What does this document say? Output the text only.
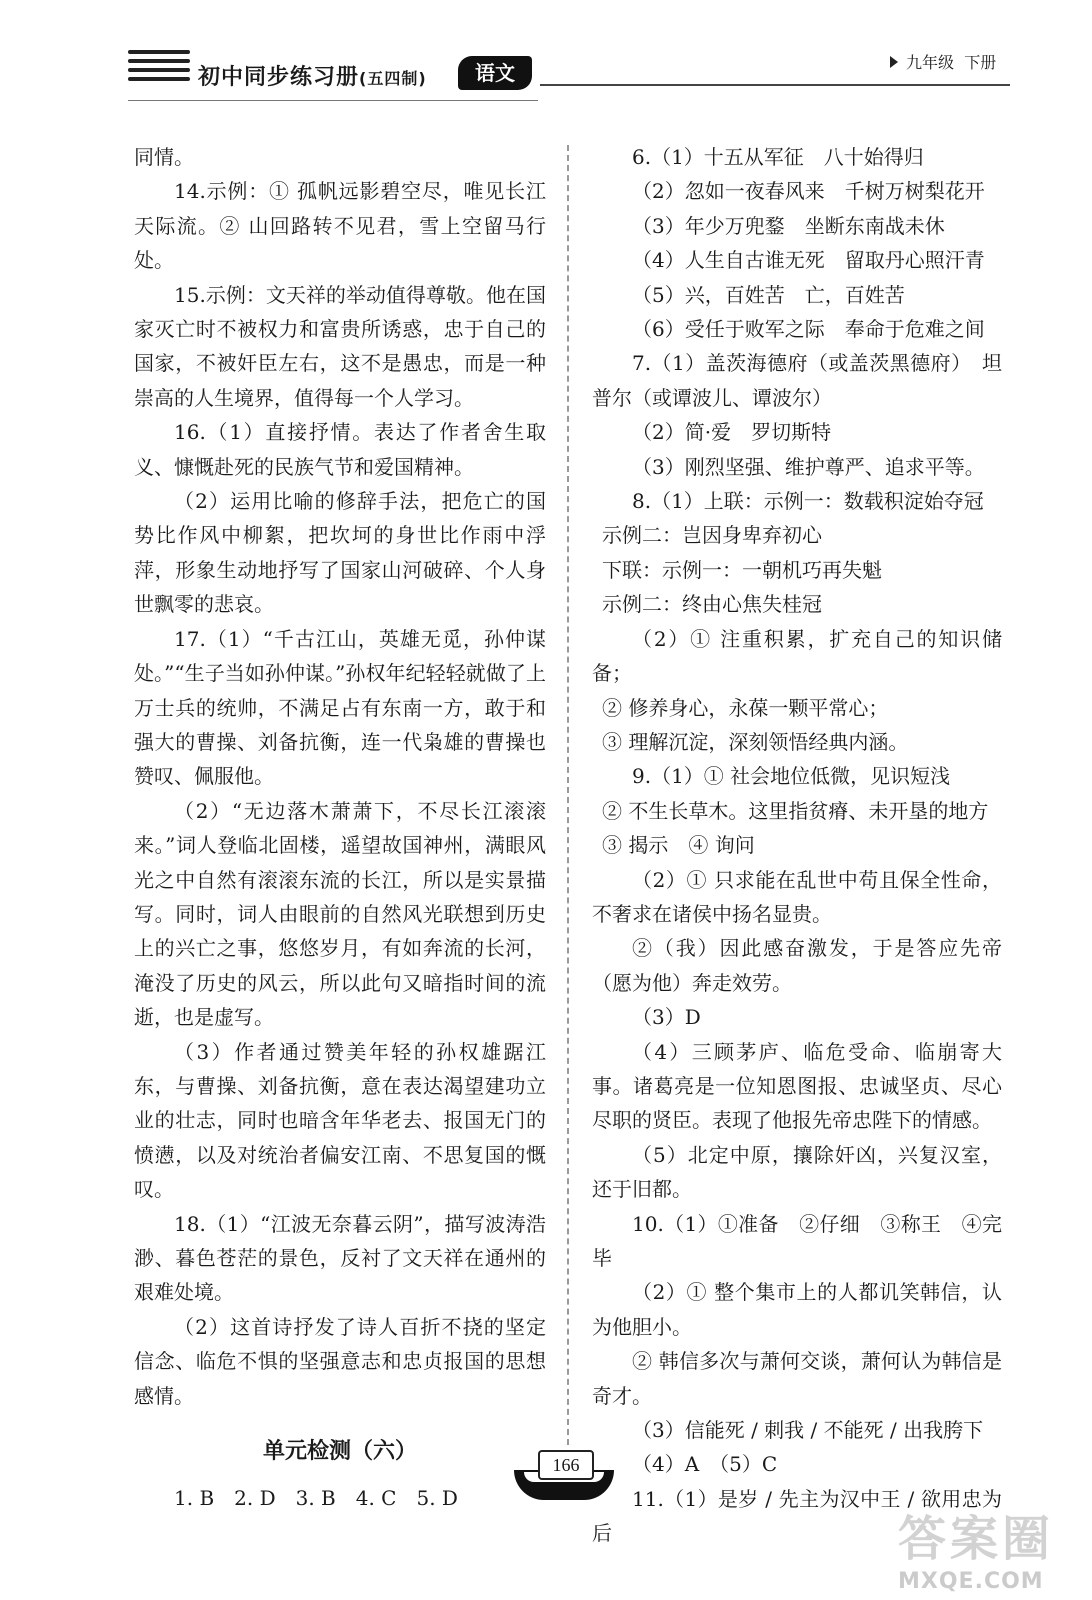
初中同步练习册(五四制)	语文	九年级 下册

同情。

14.示例：① 孤帆远影碧空尽，唯见长江天际流。② 山回路转不见君，雪上空留马行处。

15.示例：文天祥的举动值得尊敬。他在国家灭亡时不被权力和富贵所诱惑，忠于自己的国家，不被奸臣左右，这不是愚忠，而是一种崇高的人生境界，值得每一个人学习。

16.（1）直接抒情。表达了作者舍生取义、慷慨赴死的民族气节和爱国精神。

（2）运用比喻的修辞手法，把危亡的国势比作风中柳絮，把坎坷的身世比作雨中浮萍，形象生动地抒写了国家山河破碎、个人身世飘零的悲哀。

17.（1）“千古江山，英雄无觅，孙仲谋处。”“生子当如孙仲谋。”孙权年纪轻轻就做了上万士兵的统帅，不满足占有东南一方，敢于和强大的曹操、刘备抗衡，连一代枭雄的曹操也赞叹、佩服他。

（2）“无边落木萧萧下，不尽长江滚滚来。”词人登临北固楼，遥望故国神州，满眼风光之中自然有滚滚东流的长江，所以是实景描写。同时，词人由眼前的自然风光联想到历史上的兴亡之事，悠悠岁月，有如奔流的长河，淹没了历史的风云，所以此句又暗指时间的流逝，也是虚写。

（3）作者通过赞美年轻的孙权雄踞江东，与曹操、刘备抗衡，意在表达渴望建功立业的壮志，同时也暗含年华老去、报国无门的愤懑，以及对统治者偏安江南、不思复国的慨叹。

18.（1）“江波无奈暮云阴”，描写波涛浩渺、暮色苍茫的景色，反衬了文天祥在通州的艰难处境。

（2）这首诗抒发了诗人百折不挠的坚定信念、临危不惧的坚强意志和忠贞报国的思想感情。

单元检测（六）

1. B　2. D　3. B　4. C　5. D

6.（1）十五从军征　八十始得归

（2）忽如一夜春风来　千树万树梨花开

（3）年少万兜鍪　坐断东南战未休

（4）人生自古谁无死　留取丹心照汗青

（5）兴，百姓苦　亡，百姓苦

（6）受任于败军之际　奉命于危难之间

7.（1）盖茨海德府（或盖茨黑德府）　坦普尔（或谭波儿、谭波尔）

（2）简·爱　罗切斯特

（3）刚烈坚强、维护尊严、追求平等。

8.（1）上联：示例一：数载积淀始夺冠

示例二：岂因身卑弃初心

下联：示例一：一朝机巧再失魁

示例二：终由心焦失桂冠

（2）① 注重积累，扩充自己的知识储备；

② 修养身心，永葆一颗平常心；

③ 理解沉淀，深刻领悟经典内涵。

9.（1）① 社会地位低微，见识短浅

② 不生长草木。这里指贫瘠、未开垦的地方

③ 揭示　④ 询问

（2）① 只求能在乱世中苟且保全性命，不奢求在诸侯中扬名显贵。

②（我）因此感奋激发，于是答应先帝（愿为他）奔走效劳。

（3）D

（4）三顾茅庐、临危受命、临崩寄大事。诸葛亮是一位知恩图报、忠诚坚贞、尽心尽职的贤臣。表现了他报先帝忠陛下的情感。

（5）北定中原，攘除奸凶，兴复汉室，还于旧都。

10.（1）①准备　②仔细　③称王　④完毕

（2）① 整个集市上的人都讥笑韩信，认为他胆小。

② 韩信多次与萧何交谈，萧何认为韩信是奇才。

（3）信能死 / 刺我 / 不能死 / 出我胯下

（4）A　（5）C

11.（1）是岁 / 先主为汉中王 / 欲用忠为后

166
答案圈
MXQE.COM
